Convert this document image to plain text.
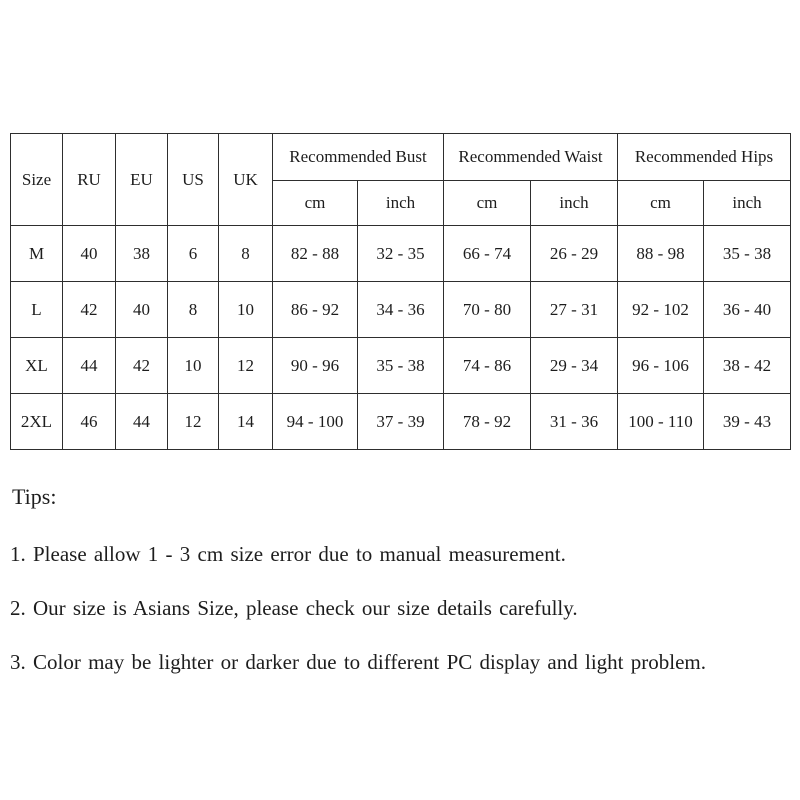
Size	RU	EU	US	UK	Recommended Bust		Recommended Waist		Recommended Hips	
					cm	inch	cm	inch	cm	inch
M	40	38	6	8	82 - 88	32 - 35	66 - 74	26 - 29	88 - 98	35 - 38
L	42	40	8	10	86 - 92	34 - 36	70 - 80	27 - 31	92 - 102	36 - 40
XL	44	42	10	12	90 - 96	35 - 38	74 - 86	29 - 34	96 - 106	38 - 42
2XL	46	44	12	14	94 - 100	37 - 39	78 - 92	31 - 36	100 - 110	39 - 43
Tips:
1. Please allow 1 - 3 cm size error due to manual measurement.
2. Our size is Asians Size, please check our size details carefully.
3. Color may be lighter or darker due to different PC display and light problem.
